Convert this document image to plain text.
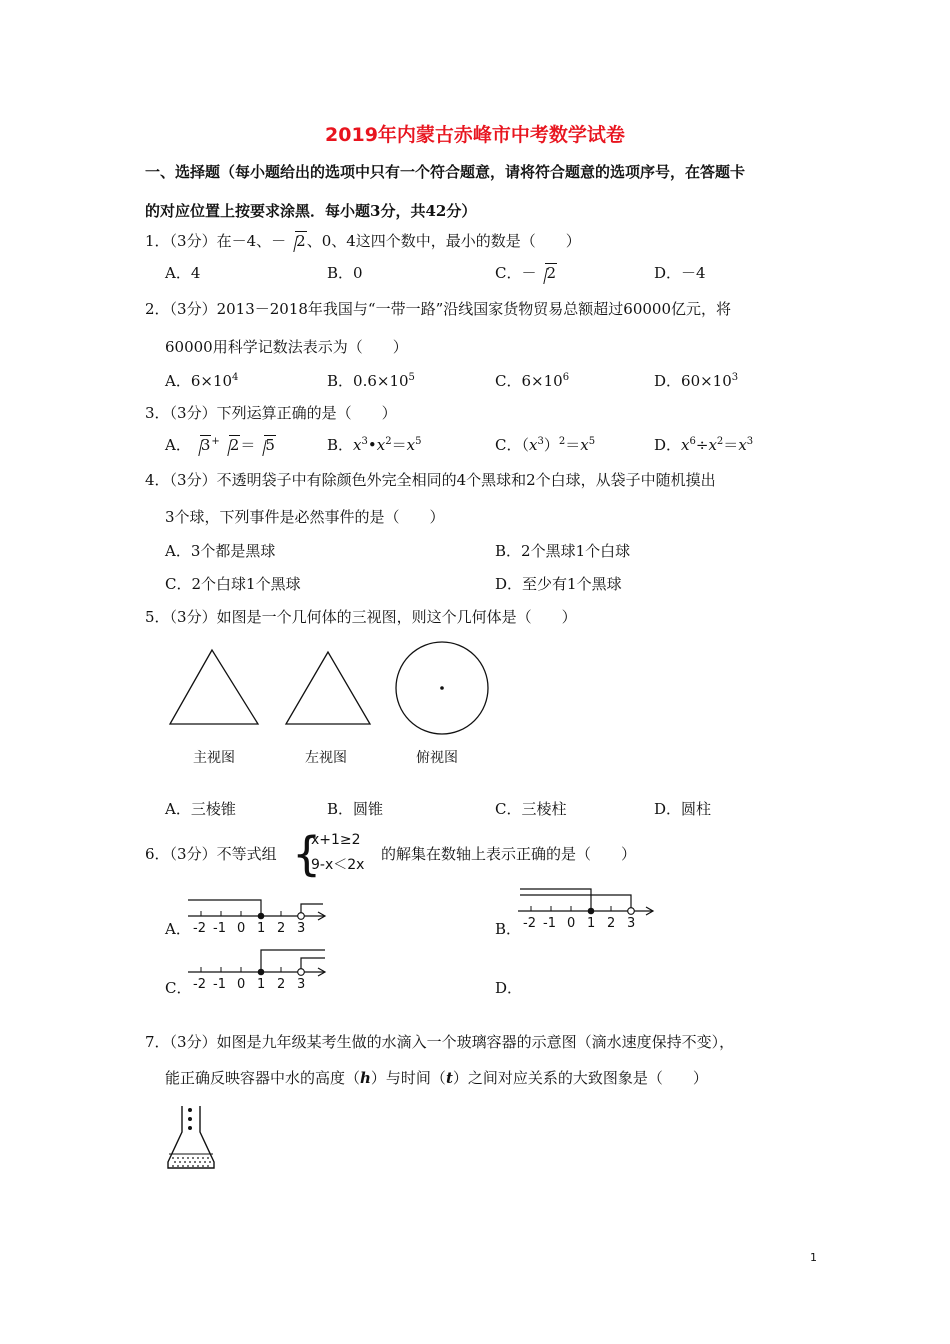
2019年内蒙古赤峰市中考数学试卷
一、选择题（每小题给出的选项中只有一个符合题意，请将符合题意的选项序号，在答题卡
的对应位置上按要求涂黑．每小题3分，共42分）
1．（3分）在－4、－ 2、0、4这四个数中，最小的数是（　　）
A．4	B．0	C．－ 2	D．－4
2．（3分）2013－2018年我国与“一带一路”沿线国家货物贸易总额超过60000亿元，将
60000用科学记数法表示为（　　）
A．$6\times 10^4$	B．$0.6\times 10^5$	C．$6\times 10^6$	D．$60\times 10^3$
3．（3分）下列运算正确的是（　　）
A． 3+ 2＝ 5	B．$x^3•x^2=x^5$	C．$(x^3)^2=x^5$	D．$x^6\div x^2=x^3$
4．（3分）不透明袋子中有除颜色外完全相同的4个黑球和2个白球，从袋子中随机摸出
3个球，下列事件是必然事件的是（　　）
A．3个都是黑球	B．2个黑球1个白球
C．2个白球1个黑球	D．至少有1个黑球
5．（3分）如图是一个几何体的三视图，则这个几何体是（　　）
主视图	左视图	俯视图
A．三棱锥	B．圆锥	C．三棱柱	D．圆柱
6．（3分）不等式组 {
x+1≥2
9-x＜2x
的解集在数轴上表示正确的是（　　）
A． -2 -1 0 1 2 3	B． -2 -1 0 1 2 3
C． -2 -1 0 1 2 3	D．
7．（3分）如图是九年级某考生做的水滴入一个玻璃容器的示意图（滴水速度保持不变），
能正确反映容器中水的高度（h）与时间（t）之间对应关系的大致图象是（　　）
1
